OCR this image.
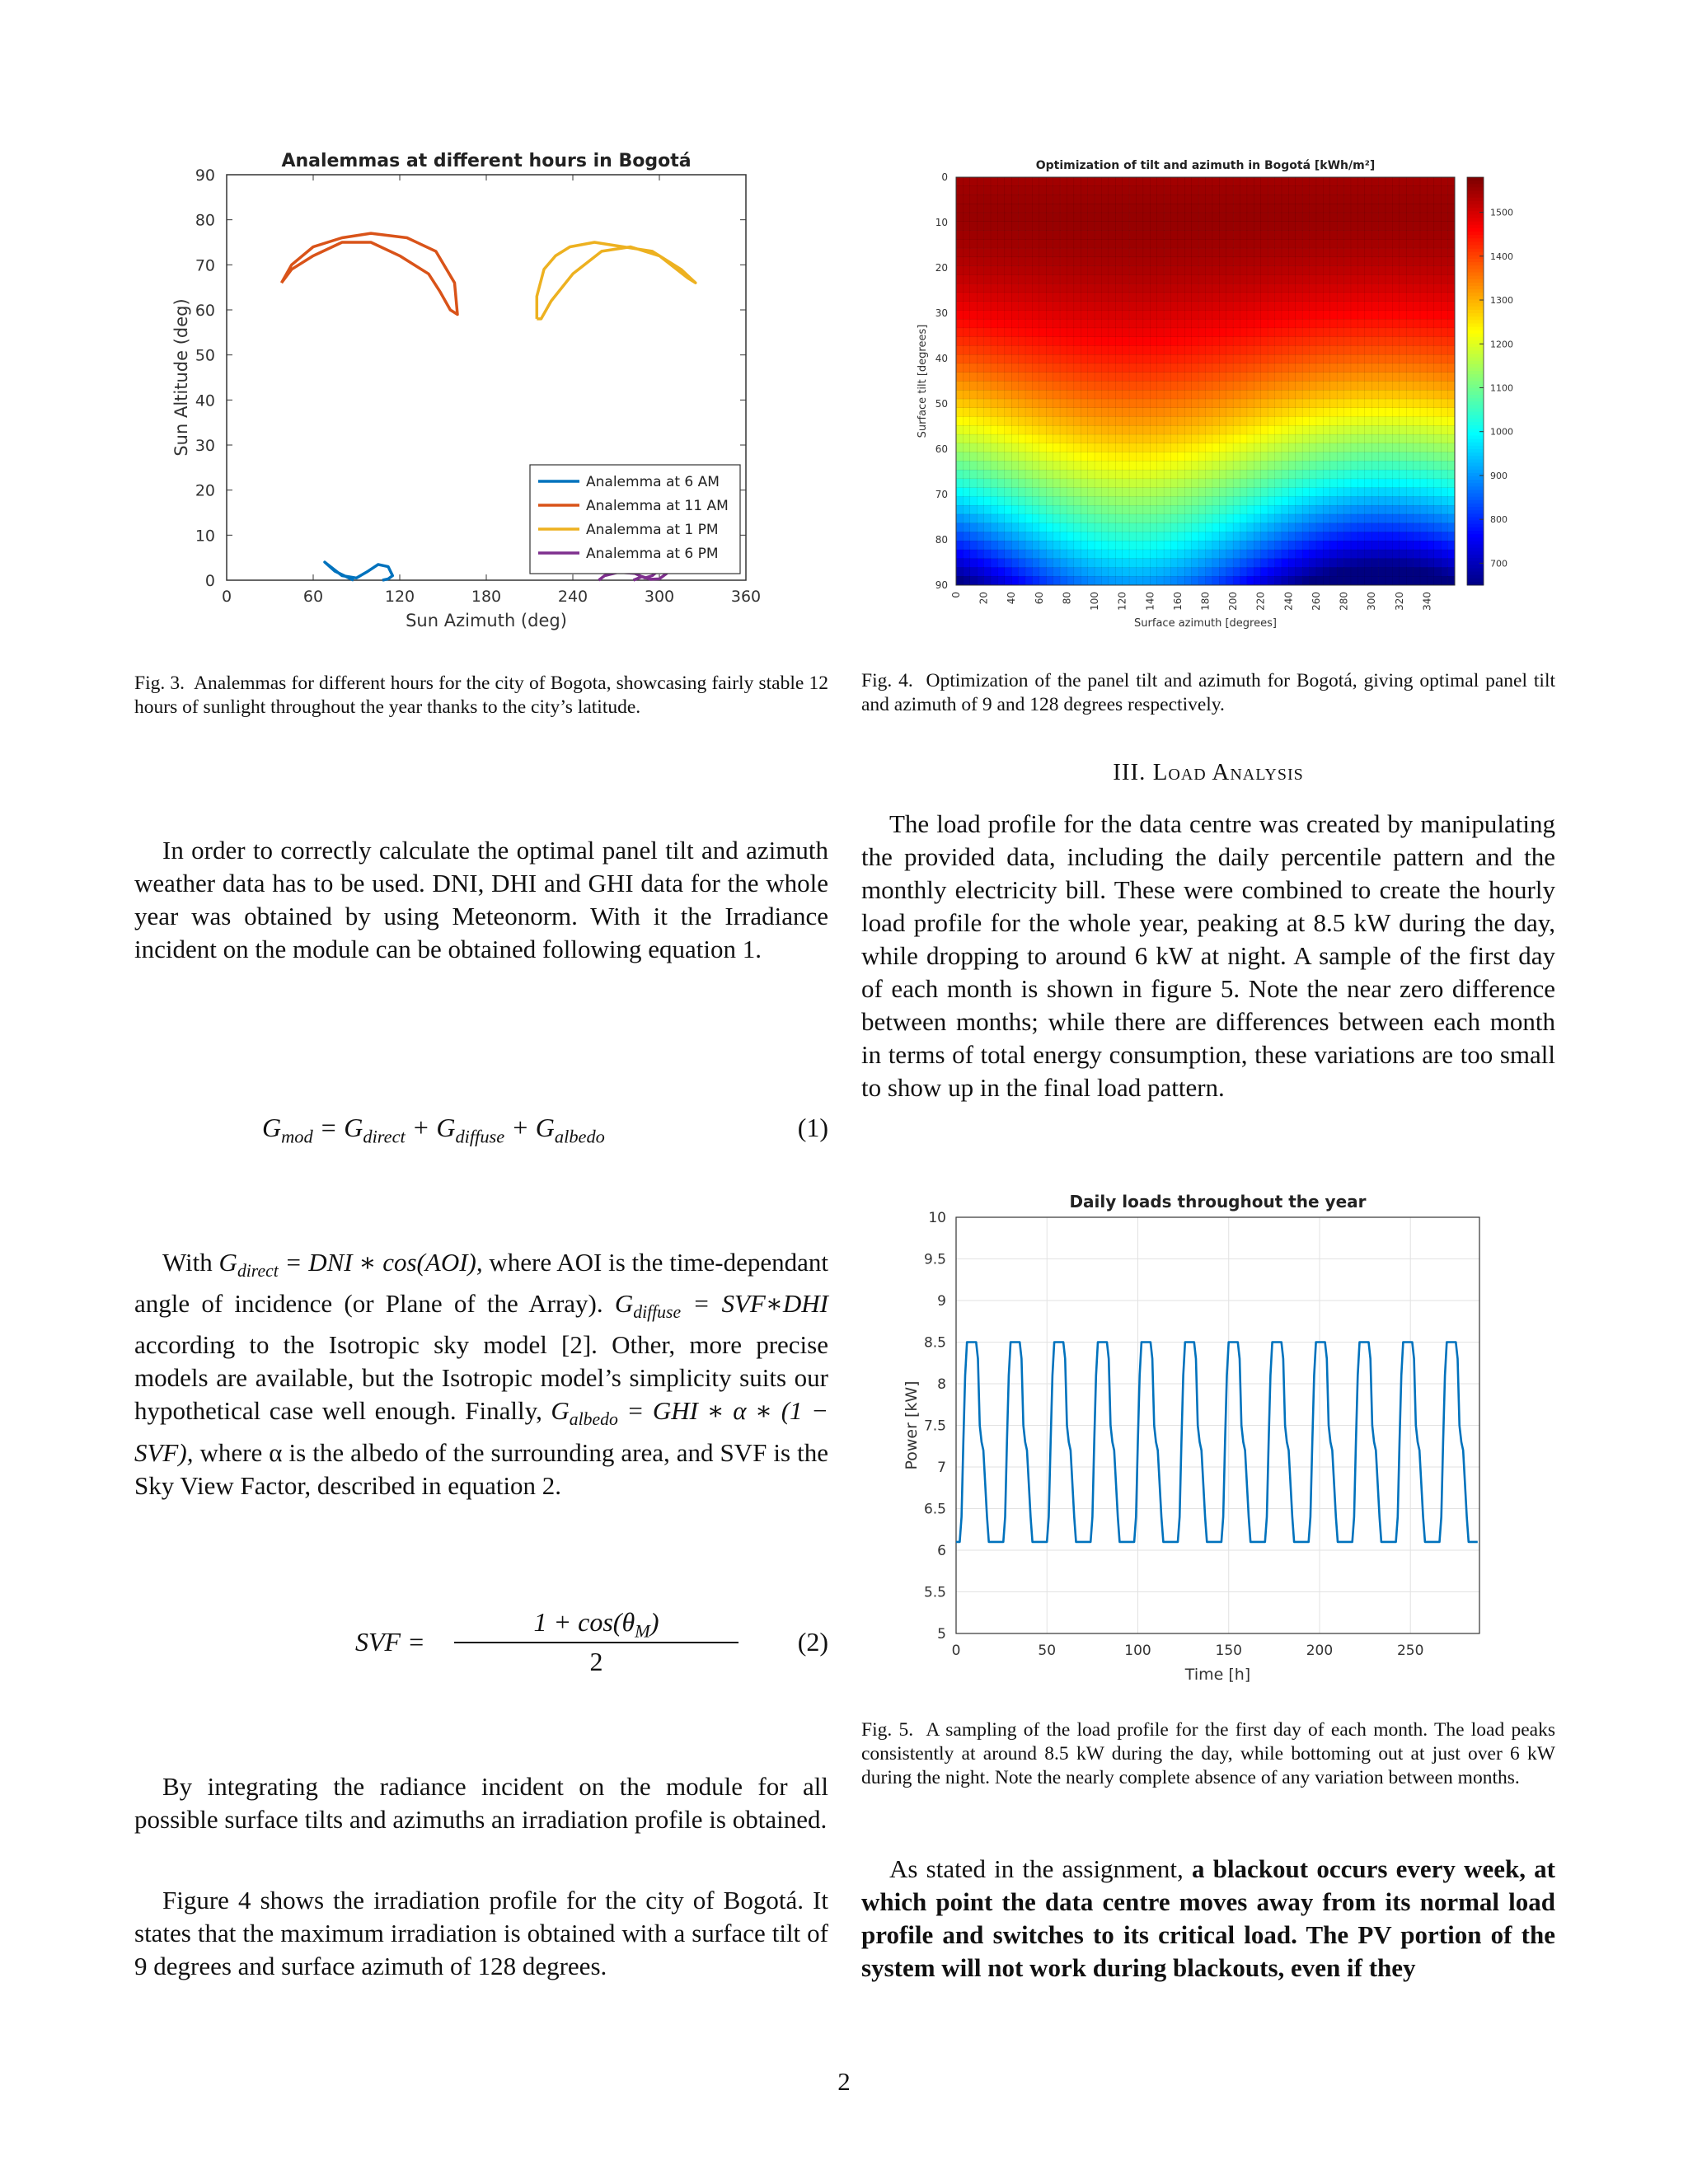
Analemmas at different hours in Bogotá
0	60	120	180	240	300	360
0
10
20
30
40
50
60
70
80
90
Sun Azimuth (deg)
Sun Altitude (deg)
Analemma at 6 AM
Analemma at 11 AM
Analemma at 1 PM
Analemma at 6 PM
Fig. 3. Analemmas for different hours for the city of Bogota, showcasing fairly stable 12 hours of sunlight throughout the year thanks to the city’s latitude.
Optimization of tilt and azimuth in Bogotá [kWh/m²]
0
10
20
30
40
50
60
70
80
90
0 20 40 60 80 100 120 140 160 180 200 220 240 260 280 300 320 340
Surface azimuth [degrees]
Surface tilt [degrees]
700
800
900
1000
1100
1200
1300
1400
1500
Fig. 4. Optimization of the panel tilt and azimuth for Bogotá, giving optimal panel tilt and azimuth of 9 and 128 degrees respectively.
III. Load Analysis

In order to correctly calculate the optimal panel tilt and azimuth weather data has to be used. DNI, DHI and GHI data for the whole year was obtained by using Meteonorm. With it the Irradiance incident on the module can be obtained following equation 1.

$G_{mod} = G_{direct} + G_{diffuse} + G_{albedo}$	(1)

With $G_{direct}$ = DNI ∗ cos(AOI), where AOI is the time-dependant angle of incidence (or Plane of the Array). $G_{diffuse}$ = SVF∗DHI according to the Isotropic sky model [2]. Other, more precise models are available, but the Isotropic model’s simplicity suits our hypothetical case well enough. Finally, $G_{albedo}$ = GHI ∗ α ∗ (1 − SVF), where α is the albedo of the surrounding area, and SVF is the Sky View Factor, described in equation 2.

SVF =
$1 + \cos(\theta_M)$
2
(2)

By integrating the radiance incident on the module for all possible surface tilts and azimuths an irradiation profile is obtained.

Figure 4 shows the irradiation profile for the city of Bogotá. It states that the maximum irradiation is obtained with a surface tilt of 9 degrees and surface azimuth of 128 degrees.

The load profile for the data centre was created by manipulating the provided data, including the daily percentile pattern and the monthly electricity bill. These were combined to create the hourly load profile for the whole year, peaking at 8.5 kW during the day, while dropping to around 6 kW at night. A sample of the first day of each month is shown in figure 5. Note the near zero difference between months; while there are differences between each month in terms of total energy consumption, these variations are too small to show up in the final load pattern.

Daily loads throughout the year
5
5.5
6
6.5
7
7.5
8
8.5
9
9.5
10
0	50	100	150	200	250
Time [h]
Power [kW]
Fig. 5. A sampling of the load profile for the first day of each month. The load peaks consistently at around 8.5 kW during the day, while bottoming out at just over 6 kW during the night. Note the nearly complete absence of any variation between months.

As stated in the assignment, a blackout occurs every week, at which point the data centre moves away from its normal load profile and switches to its critical load. The PV portion of the system will not work during blackouts, even if they

2
